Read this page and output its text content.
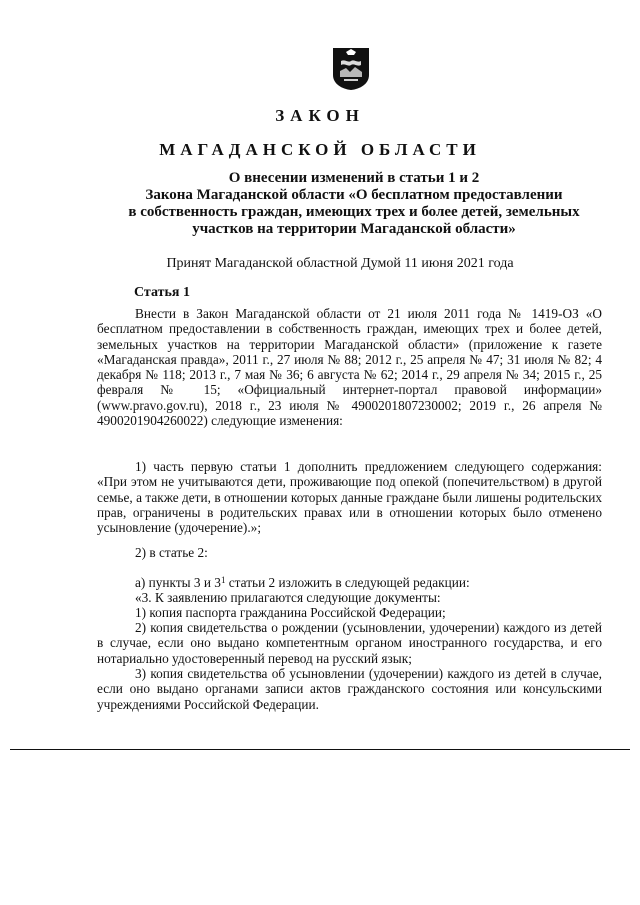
ЗАКОН
МАГАДАНСКОЙ ОБЛАСТИ
О внесении изменений в статьи 1 и 2
Закона Магаданской области «О бесплатном предоставлении
в собственность граждан, имеющих трех и более детей, земельных
участков на территории Магаданской области»
Принят Магаданской областной Думой 11 июня 2021 года
Статья 1
Внести в Закон Магаданской области от 21 июля 2011 года № 1419-ОЗ «О бесплатном предоставлении в собственность граждан, имеющих трех и более детей, земельных участков на территории Магаданской области» (приложение к газете «Магаданская правда», 2011 г., 27 июля № 88; 2012 г., 25 апреля № 47; 31 июля № 82; 4 декабря № 118; 2013 г., 7 мая № 36; 6 августа № 62; 2014 г., 29 апреля № 34; 2015 г., 25 февраля № 15; «Официальный интернет-портал правовой информации» (www.pravo.gov.ru), 2018 г., 23 июля № 4900201807230002; 2019 г., 26 апреля № 4900201904260022) следующие изменения:
1) часть первую статьи 1 дополнить предложением следующего содержания: «При этом не учитываются дети, проживающие под опекой (попечительством) в другой семье, а также дети, в отношении которых данные граждане были лишены родительских прав, ограничены в родительских правах или в отношении которых было отменено усыновление (удочерение).»;
2) в статье 2:
а) пункты 3 и $3^1$ статьи 2 изложить в следующей редакции:
«3. К заявлению прилагаются следующие документы:
1) копия паспорта гражданина Российской Федерации;
2) копия свидетельства о рождении (усыновлении, удочерении) каждого из детей в случае, если оно выдано компетентным органом иностранного государства, и его нотариально удостоверенный перевод на русский язык;
3) копия свидетельства об усыновлении (удочерении) каждого из детей в случае, если оно выдано органами записи актов гражданского состояния или консульскими учреждениями Российской Федерации.
